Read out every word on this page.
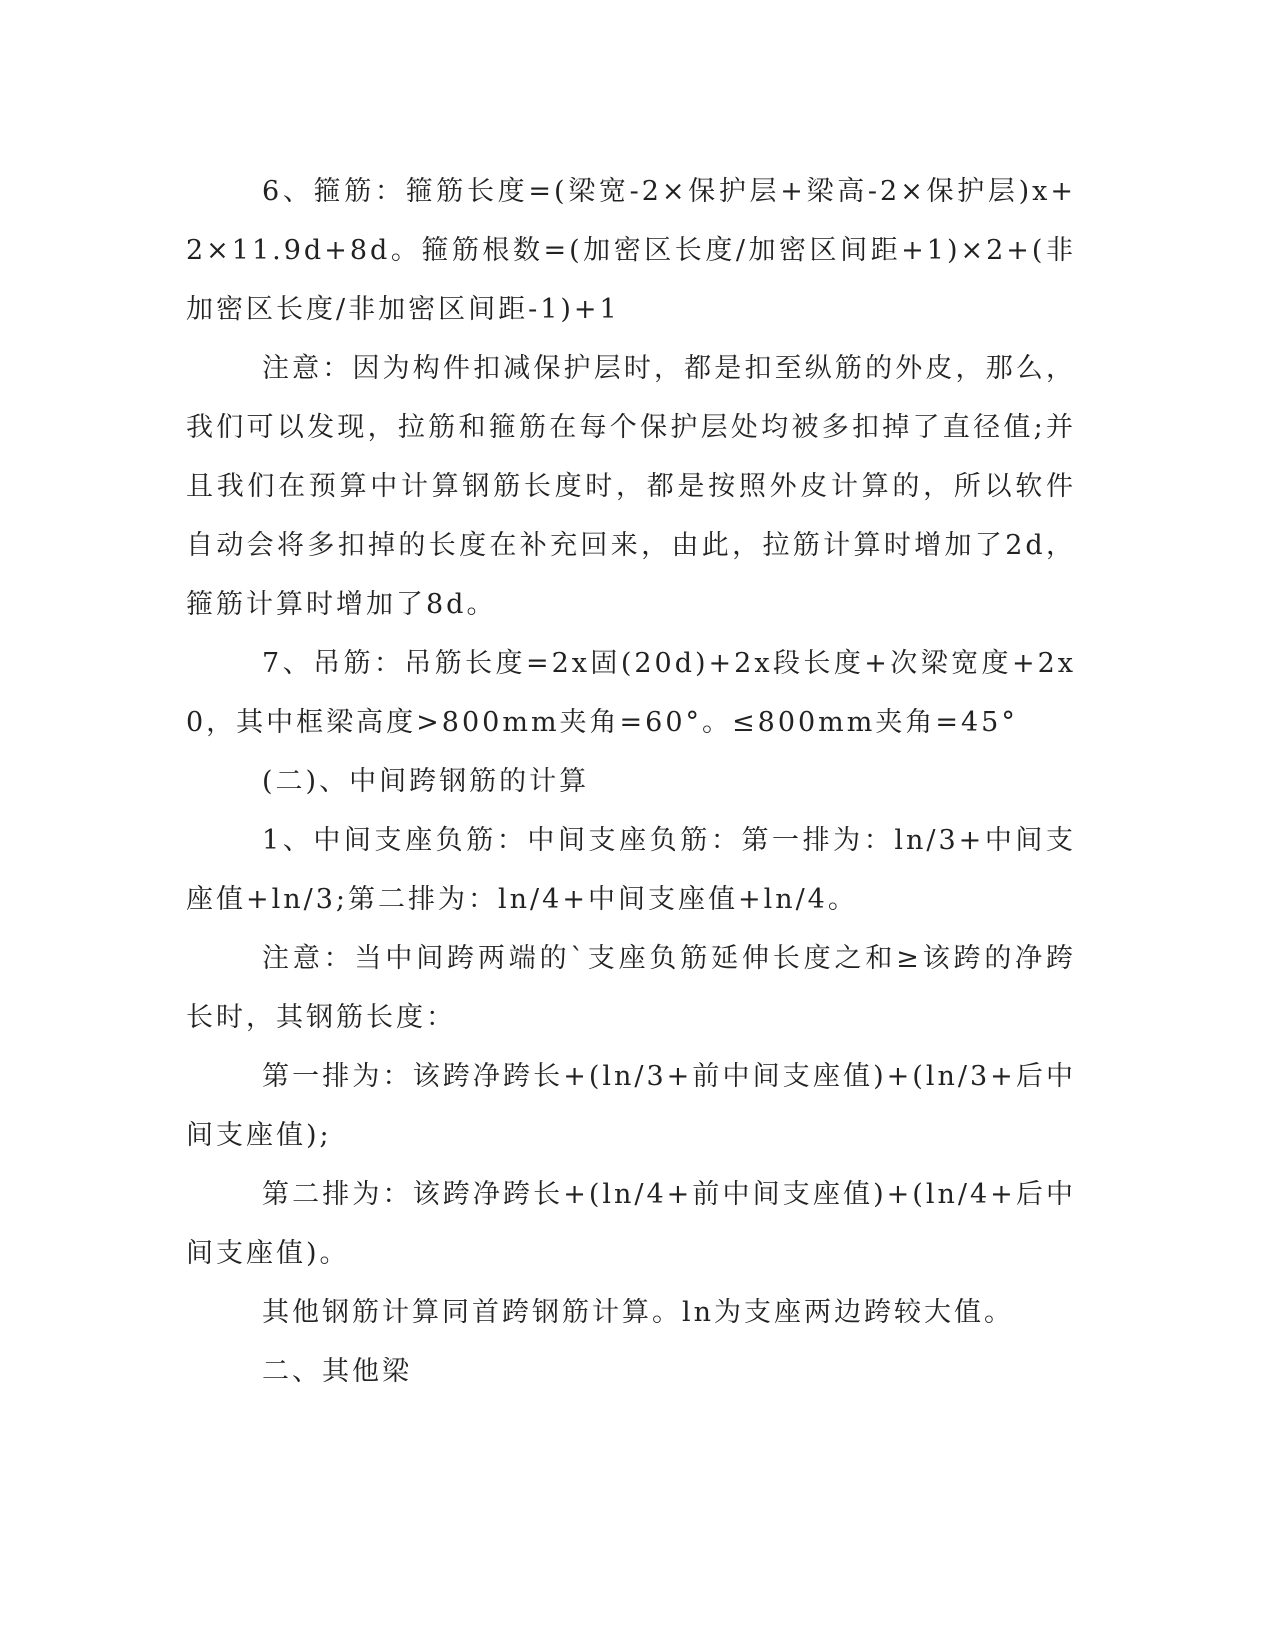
6、箍筋：箍筋长度=(梁宽-2×保护层+梁高-2×保护层)x+2×11.9d+8d。箍筋根数=(加密区长度/加密区间距+1)×2+(非加密区长度/非加密区间距-1)+1

注意：因为构件扣减保护层时，都是扣至纵筋的外皮，那么，我们可以发现，拉筋和箍筋在每个保护层处均被多扣掉了直径值;并且我们在预算中计算钢筋长度时，都是按照外皮计算的，所以软件自动会将多扣掉的长度在补充回来，由此，拉筋计算时增加了2d，箍筋计算时增加了8d。

7、吊筋：吊筋长度=2x固(20d)+2x段长度+次梁宽度+2x0，其中框梁高度>800mm夹角=60°。≤800mm夹角=45°

(二)、中间跨钢筋的计算

1、中间支座负筋：中间支座负筋：第一排为：ln/3+中间支座值+ln/3;第二排为：ln/4+中间支座值+ln/4。

注意：当中间跨两端的`支座负筋延伸长度之和≥该跨的净跨长时，其钢筋长度：

第一排为：该跨净跨长+(ln/3+前中间支座值)+(ln/3+后中间支座值);

第二排为：该跨净跨长+(ln/4+前中间支座值)+(ln/4+后中间支座值)。

其他钢筋计算同首跨钢筋计算。ln为支座两边跨较大值。

二、其他梁
